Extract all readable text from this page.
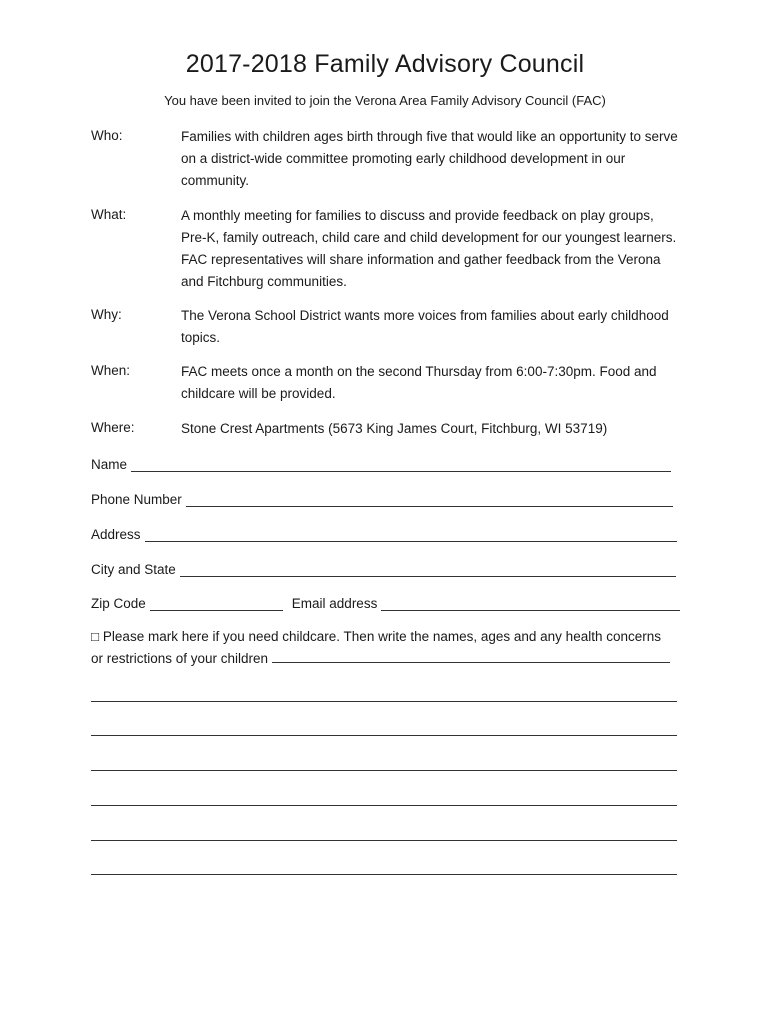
2017-2018 Family Advisory Council
You have been invited to join the Verona Area Family Advisory Council (FAC)
Who:	Families with children ages birth through five that would like an opportunity to serve on a district-wide committee promoting early childhood development in our community.
What:	A monthly meeting for families to discuss and provide feedback on play groups, Pre-K, family outreach, child care and child development for our youngest learners. FAC representatives will share information and gather feedback from the Verona and Fitchburg communities.
Why:	The Verona School District wants more voices from families about early childhood topics.
When:	FAC meets once a month on the second Thursday from 6:00-7:30pm. Food and childcare will be provided.
Where:	Stone Crest Apartments (5673 King James Court, Fitchburg, WI 53719)
Name
Phone Number
Address
City and State
Zip Code	Email address
□ Please mark here if you need childcare. Then write the names, ages and any health concerns
or restrictions of your children
